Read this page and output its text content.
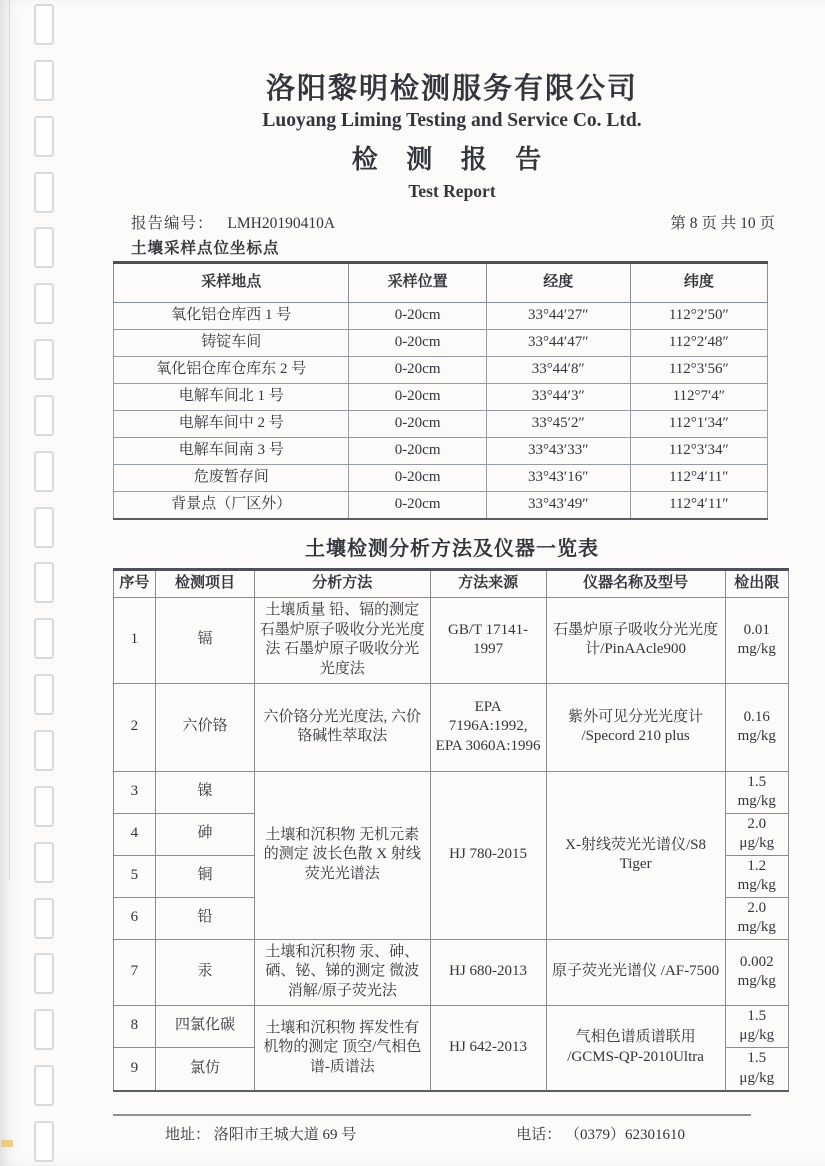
洛阳黎明检测服务有限公司
Luoyang Liming Testing and Service Co. Ltd.
检 测 报 告
Test Report
报告编号： LMH20190410A	第 8 页 共 10 页
土壤采样点位坐标点
采样地点	采样位置	经度	纬度
氧化铝仓库西 1 号	0-20cm	33°44′27″	112°2′50″
铸锭车间	0-20cm	33°44′47″	112°2′48″
氧化铝仓库仓库东 2 号	0-20cm	33°44′8″	112°3′56″
电解车间北 1 号	0-20cm	33°44′3″	112°7′4″
电解车间中 2 号	0-20cm	33°45′2″	112°1′34″
电解车间南 3 号	0-20cm	33°43′33″	112°3′34″
危废暂存间	0-20cm	33°43′16″	112°4′11″
背景点（厂区外）	0-20cm	33°43′49″	112°4′11″
土壤检测分析方法及仪器一览表
序号	检测项目	分析方法	方法来源	仪器名称及型号	检出限
1	镉	土壤质量 铅、镉的测定 石墨炉原子吸收分光光度法 石墨炉原子吸收分光光度法	GB/T 17141-1997	石墨炉原子吸收分光光度计/PinAAcle900	0.01 mg/kg
2	六价铬	六价铬分光光度法, 六价铬碱性萃取法	EPA 7196A:1992, EPA 3060A:1996	紫外可见分光光度计 /Specord 210 plus	0.16 mg/kg
3	镍	土壤和沉积物 无机元素的测定 波长色散 X 射线荧光光谱法	HJ 780-2015	X-射线荧光光谱仪/S8 Tiger	1.5 mg/kg
4	砷				2.0 μg/kg
5	铜				1.2 mg/kg
6	铅				2.0 mg/kg
7	汞	土壤和沉积物 汞、砷、硒、铋、锑的测定 微波消解/原子荧光法	HJ 680-2013	原子荧光光谱仪 /AF-7500	0.002 mg/kg
8	四氯化碳	土壤和沉积物 挥发性有机物的测定 顶空/气相色谱-质谱法	HJ 642-2013	气相色谱质谱联用 /GCMS-QP-2010Ultra	1.5 μg/kg
9	氯仿				1.5 μg/kg
地址： 洛阳市王城大道 69 号	电话： （0379）62301610
